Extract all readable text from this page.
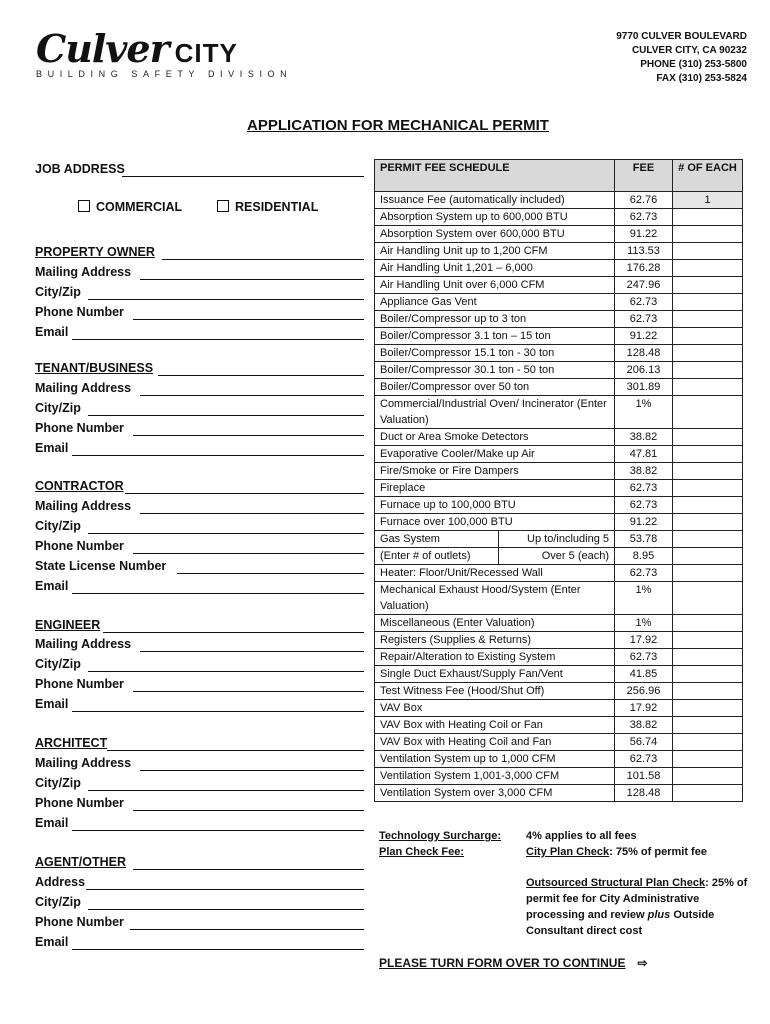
Culver CITY
BUILDING SAFETY DIVISION
9770 CULVER BOULEVARD
CULVER CITY, CA 90232
PHONE (310) 253-5800
FAX (310) 253-5824
APPLICATION FOR MECHANICAL PERMIT
JOB ADDRESS
COMMERCIAL	RESIDENTIAL
PROPERTY OWNER
Mailing Address
City/Zip
Phone Number
Email
TENANT/BUSINESS
Mailing Address
City/Zip
Phone Number
Email
CONTRACTOR
Mailing Address
City/Zip
Phone Number
State License Number
Email
ENGINEER
Mailing Address
City/Zip
Phone Number
Email
ARCHITECT
Mailing Address
City/Zip
Phone Number
Email
AGENT/OTHER
Address
City/Zip
Phone Number
Email
PERMIT FEE SCHEDULE	FEE	# OF EACH
Issuance Fee (automatically included)	62.76	1
Absorption System up to 600,000 BTU	62.73	
Absorption System over 600,000 BTU	91.22	
Air Handling Unit up to 1,200 CFM	113.53	
Air Handling Unit 1,201 – 6,000	176.28	
Air Handling Unit over 6,000 CFM	247.96	
Appliance Gas Vent	62.73	
Boiler/Compressor up to 3 ton	62.73	
Boiler/Compressor 3.1 ton – 15 ton	91.22	
Boiler/Compressor 15.1 ton - 30 ton	128.48	
Boiler/Compressor 30.1 ton - 50 ton	206.13	
Boiler/Compressor over 50 ton	301.89	
Commercial/Industrial Oven/ Incinerator (Enter Valuation)	1%	
Duct or Area Smoke Detectors	38.82	
Evaporative Cooler/Make up Air	47.81	
Fire/Smoke or Fire Dampers	38.82	
Fireplace	62.73	
Furnace up to 100,000 BTU	62.73	
Furnace over 100,000 BTU	91.22	

Gas System Up to/including 5	53.78	

(Enter # of outlets) Over 5 (each)	8.95	
Heater: Floor/Unit/Recessed Wall	62.73	
Mechanical Exhaust Hood/System (Enter Valuation)	1%	
Miscellaneous (Enter Valuation)	1%	
Registers (Supplies & Returns)	17.92	
Repair/Alteration to Existing System	62.73	
Single Duct Exhaust/Supply Fan/Vent	41.85	
Test Witness Fee (Hood/Shut Off)	256.96	
VAV Box	17.92	
VAV Box with Heating Coil or Fan	38.82	
VAV Box with Heating Coil and Fan	56.74	
Ventilation System up to 1,000 CFM	62.73	
Ventilation System 1,001-3,000 CFM	101.58	
Ventilation System over 3,000 CFM	128.48	
Technology Surcharge: 4% applies to all fees
Plan Check Fee:	City Plan Check: 75% of permit fee
Outsourced Structural Plan Check: 25% of permit fee for City Administrative processing and review plus Outside Consultant direct cost
PLEASE TURN FORM OVER TO CONTINUE ⇨
